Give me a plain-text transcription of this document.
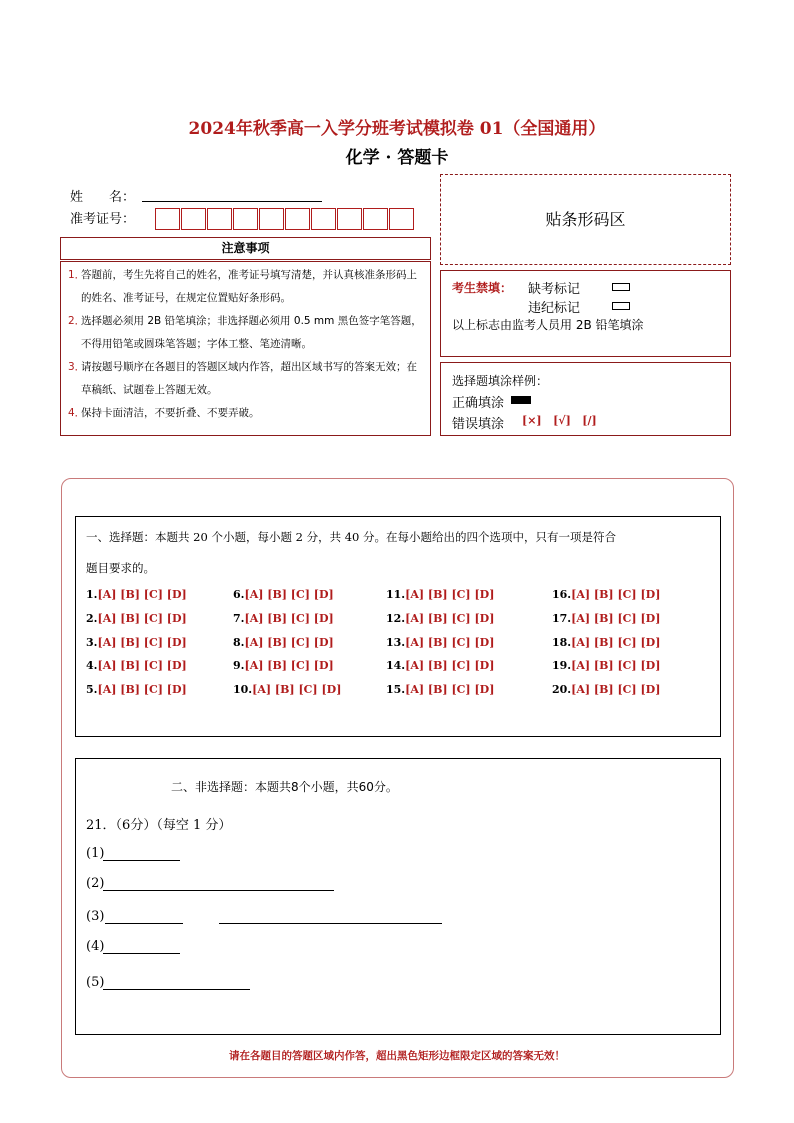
2024年秋季高一入学分班考试模拟卷 01（全国通用）
化学 · 答题卡
姓　　名：
准考证号：	贴条形码区
注意事项
1．
答题前，考生先将自己的姓名，准考证号填写清楚，并认真核准条形码上的姓名、准考证号，在规定位置贴好条形码。
2．
选择题必须用 2B 铅笔填涂；非选择题必须用 0.5 mm 黑色签字笔答题，不得用铅笔或圆珠笔答题；字体工整、笔迹清晰。
3．
请按题号顺序在各题目的答题区域内作答，超出区域书写的答案无效；在草稿纸、试题卷上答题无效。
4．
保持卡面清洁，不要折叠、不要弄破。
考生禁填： 缺考标记
违纪标记
以上标志由监考人员用 2B 铅笔填涂
选择题填涂样例：
正确填涂
错误填涂 [×] [√] [/]
一、选择题：本题共 20 个小题，每小题 2 分，共 40 分。在每小题给出的四个选项中，只有一项是符合
题目要求的。
1.[A] [B] [C] [D]
2.[A] [B] [C] [D]
3.[A] [B] [C] [D]
4.[A] [B] [C] [D]
5.[A] [B] [C] [D]
6.[A] [B] [C] [D]
7.[A] [B] [C] [D]
8.[A] [B] [C] [D]
9.[A] [B] [C] [D]
10.[A] [B] [C] [D]
11.[A] [B] [C] [D]
12.[A] [B] [C] [D]
13.[A] [B] [C] [D]
14.[A] [B] [C] [D]
15.[A] [B] [C] [D]
16.[A] [B] [C] [D]
17.[A] [B] [C] [D]
18.[A] [B] [C] [D]
19.[A] [B] [C] [D]
20.[A] [B] [C] [D]
二、非选择题：本题共8个小题，共60分。
21．（6分）（每空 1 分）
(1)
(2)
(3)
(4)
(5)
请在各题目的答题区域内作答，超出黑色矩形边框限定区域的答案无效！
